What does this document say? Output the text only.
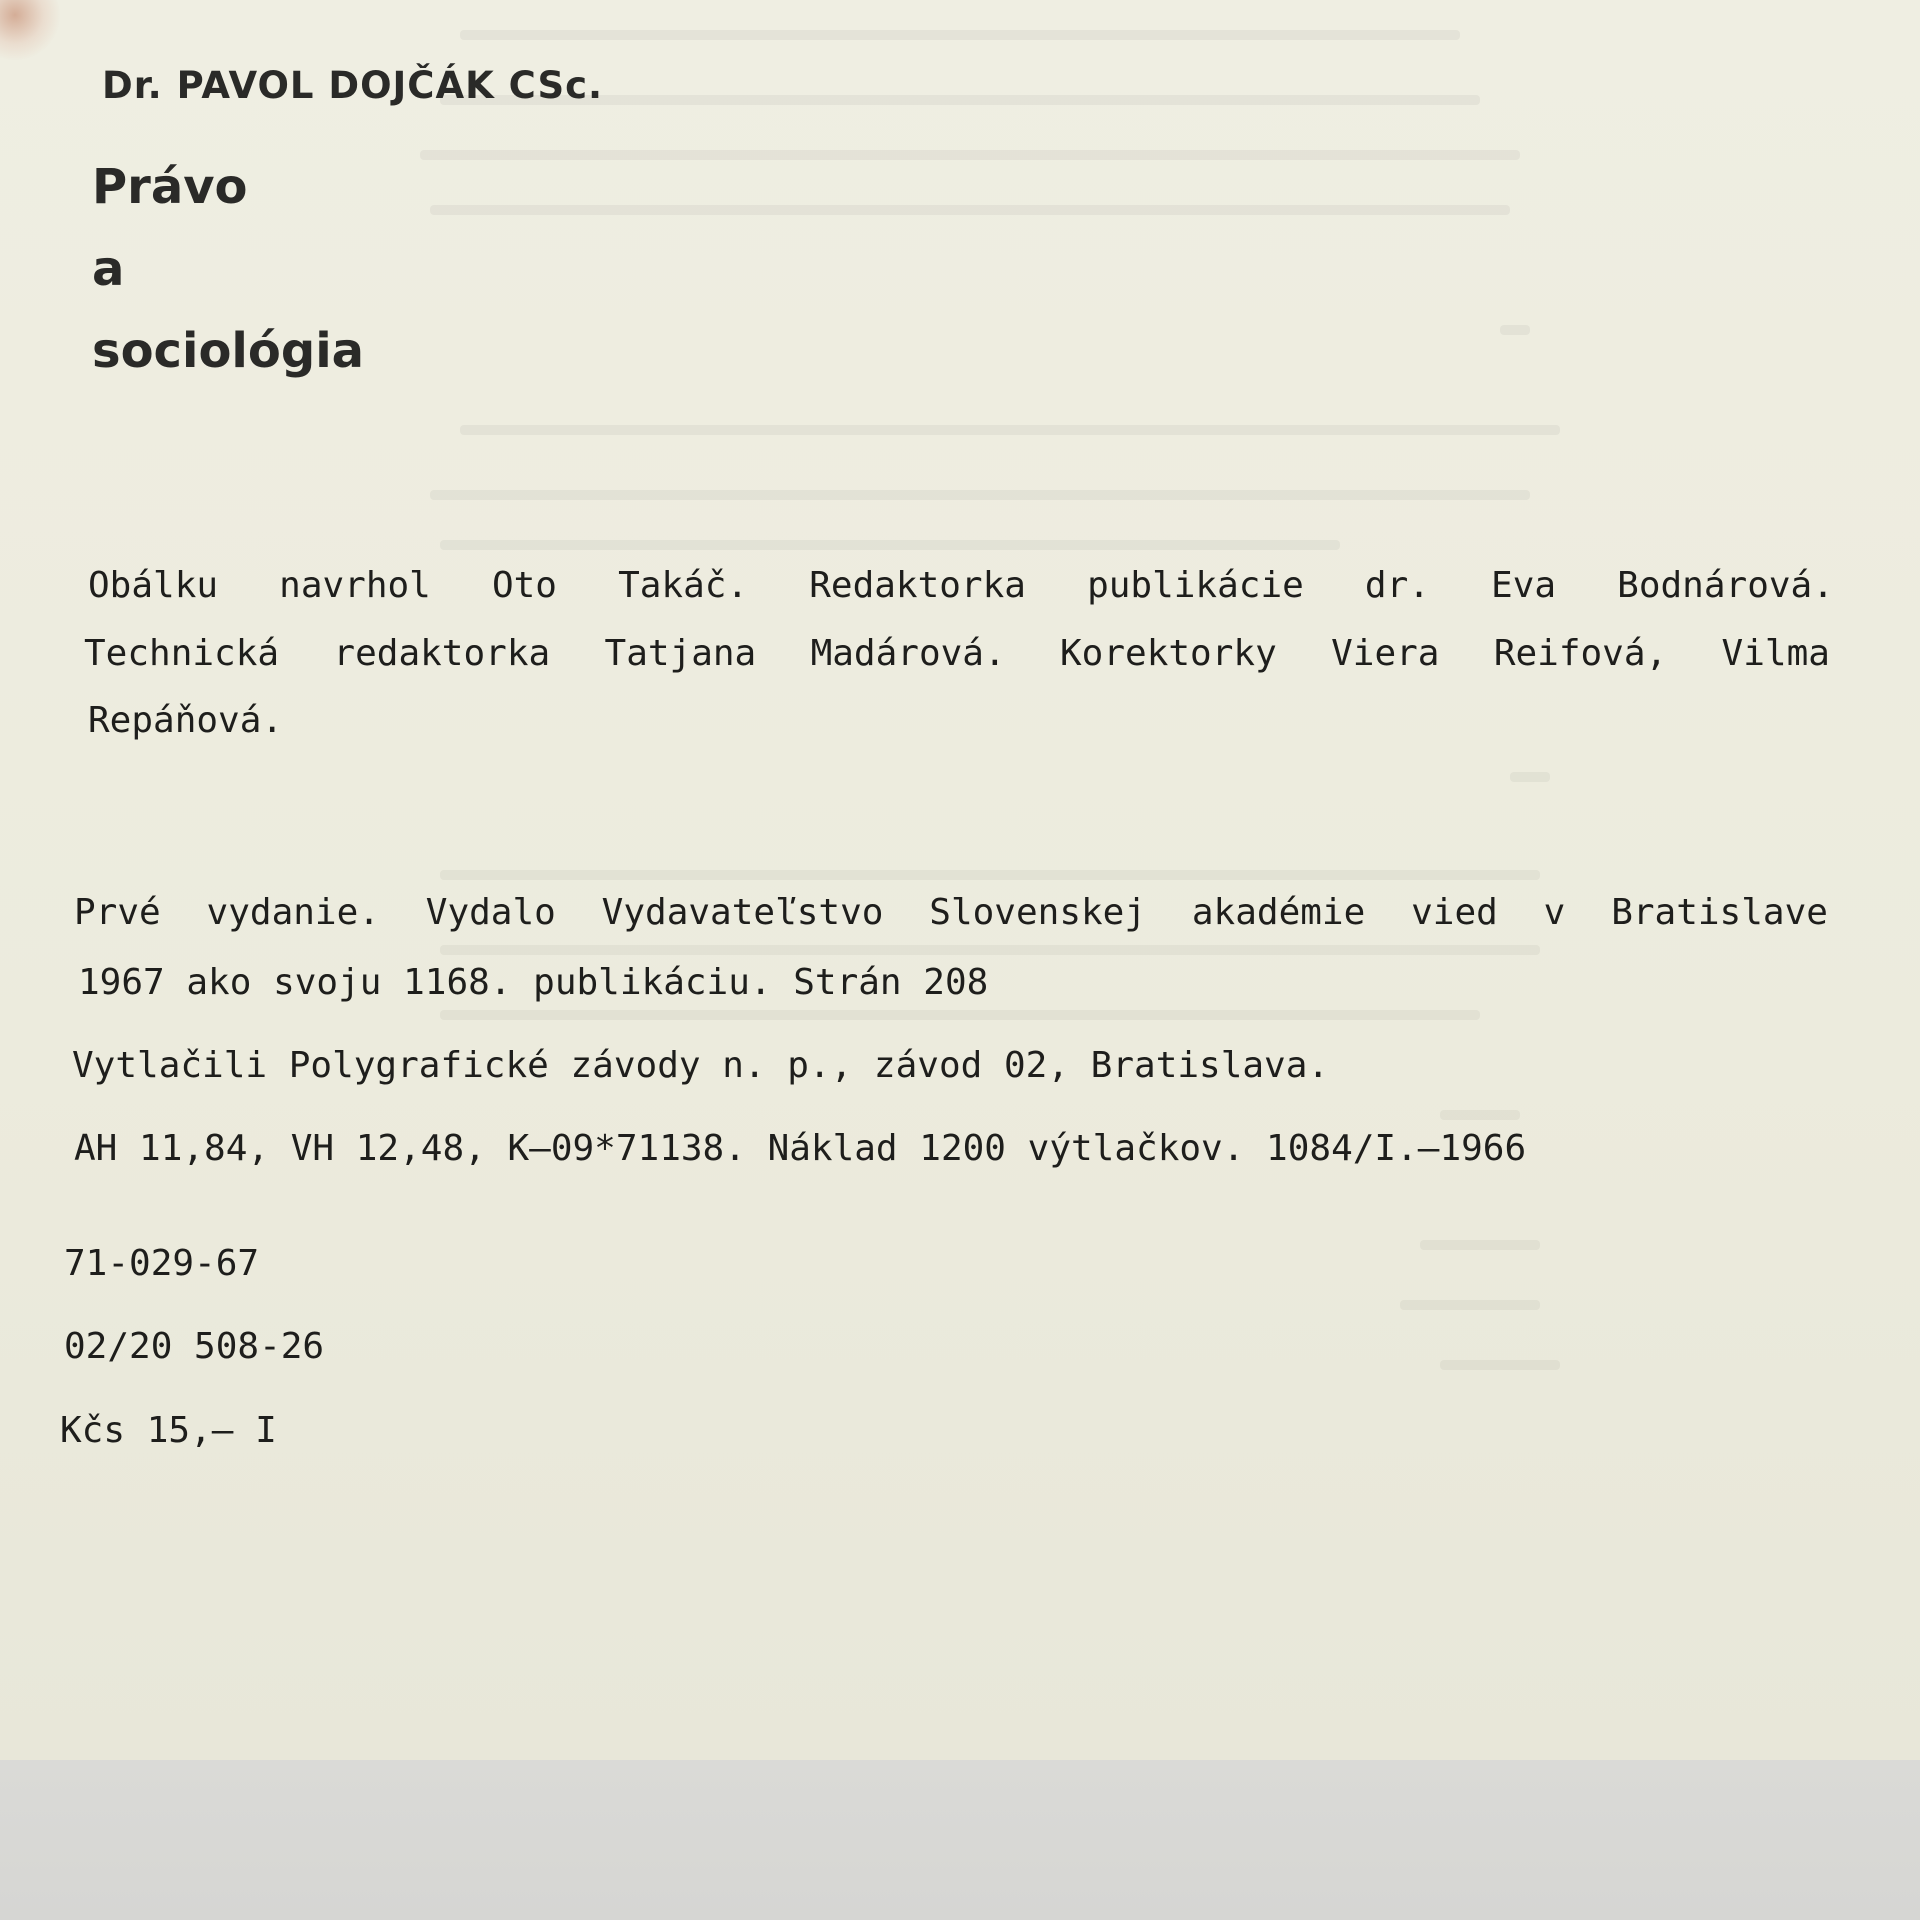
Dr. PAVOL DOJČÁK CSc.
Právo
a
sociológia
Obálku navrhol Oto Takáč. Redaktorka publikácie dr. Eva Bodnárová.
Technická redaktorka Tatjana Madárová. Korektorky Viera Reifová, Vilma
Repáňová.
Prvé vydanie. Vydalo Vydavateľstvo Slovenskej akadémie vied v Bratislave
1967 ako svoju 1168. publikáciu. Strán 208
Vytlačili Polygrafické závody n. p., závod 02, Bratislava.
AH 11,84, VH 12,48, K—09*71138. Náklad 1200 výtlačkov. 1084/I.—1966
71-029-67
02/20 508-26
Kčs 15,— I
